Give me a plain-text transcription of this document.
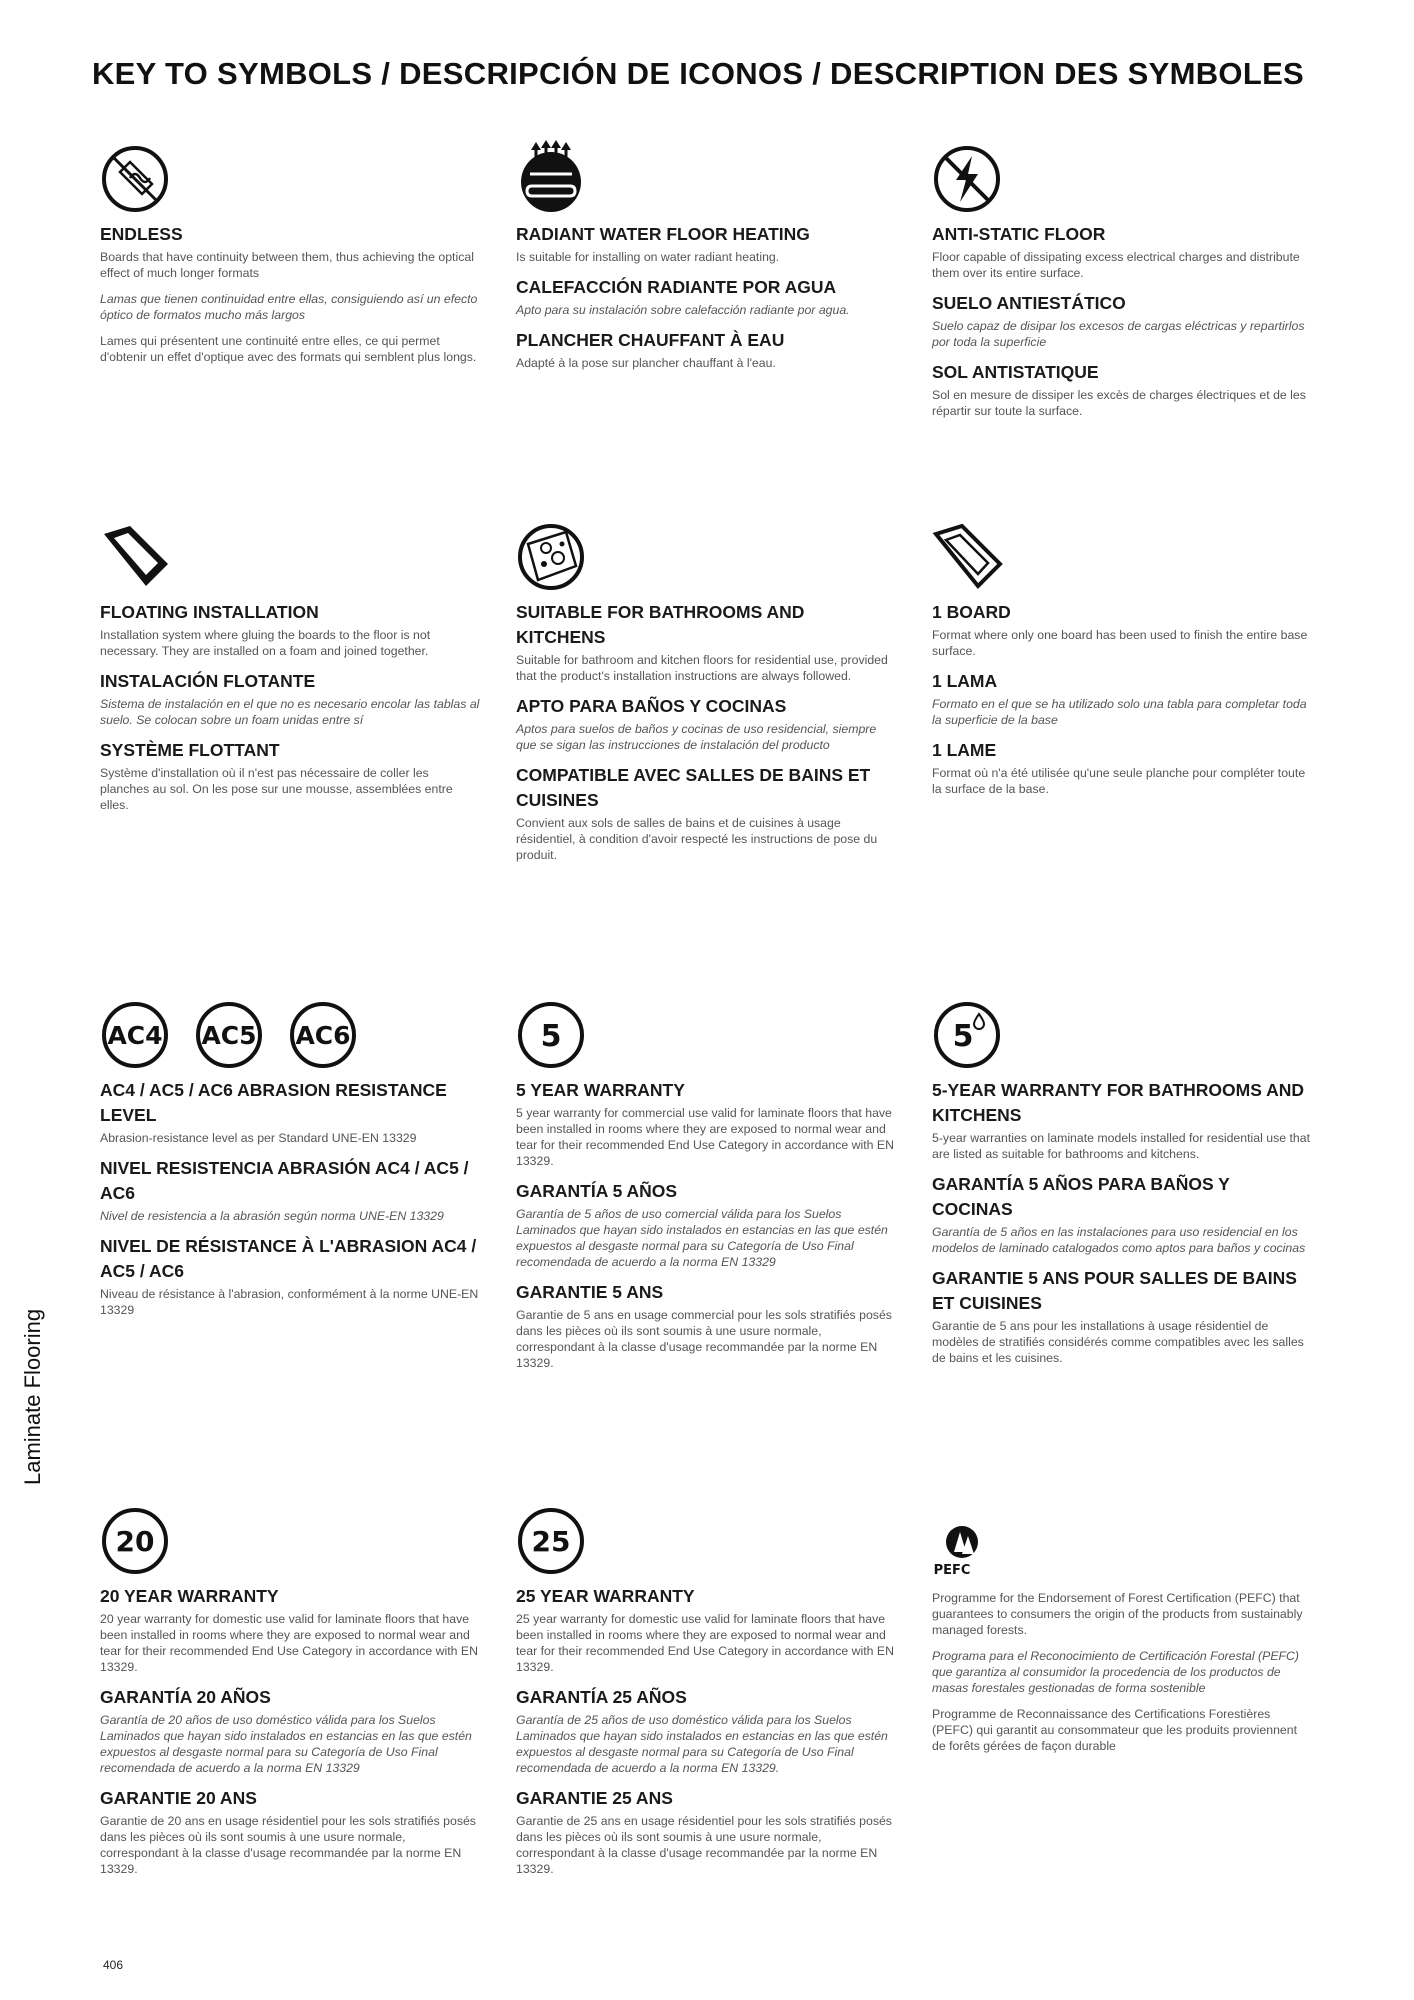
KEY TO SYMBOLS / DESCRIPCIÓN DE ICONOS / DESCRIPTION DES SYMBOLES
Laminate Flooring

ENDLESS

Boards that have continuity between them, thus achieving the optical effect of much longer formats

Lamas que tienen continuidad entre ellas, consiguiendo así un efecto óptico de formatos mucho más largos

Lames qui présentent une continuité entre elles, ce qui permet d'obtenir un effet d'optique avec des formats qui semblent plus longs.

RADIANT WATER FLOOR HEATING

Is suitable for installing on water radiant heating.

CALEFACCIÓN RADIANTE POR AGUA

Apto para su instalación sobre calefacción radiante por agua.

PLANCHER CHAUFFANT À EAU

Adapté à la pose sur plancher chauffant à l'eau.

ANTI-STATIC FLOOR

Floor capable of dissipating excess electrical charges and distribute them over its entire surface.

SUELO ANTIESTÁTICO

Suelo capaz de disipar los excesos de cargas eléctricas y repartirlos por toda la superficie

SOL ANTISTATIQUE

Sol en mesure de dissiper les excès de charges électriques et de les répartir sur toute la surface.

FLOATING INSTALLATION

Installation system where gluing the boards to the floor is not necessary. They are installed on a foam and joined together.

INSTALACIÓN FLOTANTE

Sistema de instalación en el que no es necesario encolar las tablas al suelo. Se colocan sobre un foam unidas entre sí

SYSTÈME FLOTTANT

Système d'installation où il n'est pas nécessaire de coller les planches au sol. On les pose sur une mousse, assemblées entre elles.

SUITABLE FOR BATHROOMS AND KITCHENS

Suitable for bathroom and kitchen floors for residential use, provided that the product's installation instructions are always followed.

APTO PARA BAÑOS Y COCINAS

Aptos para suelos de baños y cocinas de uso residencial, siempre que se sigan las instrucciones de instalación del producto

COMPATIBLE AVEC SALLES DE BAINS ET CUISINES

Convient aux sols de salles de bains et de cuisines à usage résidentiel, à condition d'avoir respecté les instructions de pose du produit.

1 BOARD

Format where only one board has been used to finish the entire base surface.

1 LAMA

Formato en el que se ha utilizado solo una tabla para completar toda la superficie de la base

1 LAME

Format où n'a été utilisée qu'une seule planche pour compléter toute la surface de la base.

AC4 AC5 AC6

AC4 / AC5 / AC6 ABRASION RESISTANCE LEVEL

Abrasion-resistance level as per Standard UNE-EN 13329

NIVEL RESISTENCIA ABRASIÓN AC4 / AC5 / AC6

Nivel de resistencia a la abrasión según norma UNE-EN 13329

NIVEL DE RÉSISTANCE À L'ABRASION AC4 / AC5 / AC6

Niveau de résistance à l'abrasion, conformément à la norme UNE-EN 13329

5

5 YEAR WARRANTY

5 year warranty for commercial use valid for laminate floors that have been installed in rooms where they are exposed to normal wear and tear for their recommended End Use Category in accordance with EN 13329.

GARANTÍA 5 AÑOS

Garantía de 5 años de uso comercial válida para los Suelos Laminados que hayan sido instalados en estancias en las que estén expuestos al desgaste normal para su Categoría de Uso Final recomendada de acuerdo a la norma EN 13329

GARANTIE 5 ANS

Garantie de 5 ans en usage commercial pour les sols stratifiés posés dans les pièces où ils sont soumis à une usure normale, correspondant à la classe d'usage recommandée par la norme EN 13329.

5

5-YEAR WARRANTY FOR BATHROOMS AND KITCHENS

5-year warranties on laminate models installed for residential use that are listed as suitable for bathrooms and kitchens.

GARANTÍA 5 AÑOS PARA BAÑOS Y COCINAS

Garantía de 5 años en las instalaciones para uso residencial en los modelos de laminado catalogados como aptos para baños y cocinas

GARANTIE 5 ANS POUR SALLES DE BAINS ET CUISINES

Garantie de 5 ans pour les installations à usage résidentiel de modèles de stratifiés considérés comme compatibles avec les salles de bains et les cuisines.

20

20 YEAR WARRANTY

20 year warranty for domestic use valid for laminate floors that have been installed in rooms where they are exposed to normal wear and tear for their recommended End Use Category in accordance with EN 13329.

GARANTÍA 20 AÑOS

Garantía de 20 años de uso doméstico válida para los Suelos Laminados que hayan sido instalados en estancias en las que estén expuestos al desgaste normal para su Categoría de Uso Final recomendada de acuerdo a la norma EN 13329

GARANTIE 20 ANS

Garantie de 20 ans en usage résidentiel pour les sols stratifiés posés dans les pièces où ils sont soumis à une usure normale, correspondant à la classe d'usage recommandée par la norme EN 13329.

25

25 YEAR WARRANTY

25 year warranty for domestic use valid for laminate floors that have been installed in rooms where they are exposed to normal wear and tear for their recommended End Use Category in accordance with EN 13329.

GARANTÍA 25 AÑOS

Garantía de 25 años de uso doméstico válida para los Suelos Laminados que hayan sido instalados en estancias en las que estén expuestos al desgaste normal para su Categoría de Uso Final recomendada de acuerdo a la norma EN 13329.

GARANTIE 25 ANS

Garantie de 25 ans en usage résidentiel pour les sols stratifiés posés dans les pièces où ils sont soumis à une usure normale, correspondant à la classe d'usage recommandée par la norme EN 13329.

PEFC

Programme for the Endorsement of Forest Certification (PEFC) that guarantees to consumers the origin of the products from sustainably managed forests.

Programa para el Reconocimiento de Certificación Forestal (PEFC) que garantiza al consumidor la procedencia de los productos de masas forestales gestionadas de forma sostenible

Programme de Reconnaissance des Certifications Forestières (PEFC) qui garantit au consommateur que les produits proviennent de forêts gérées de façon durable

406
